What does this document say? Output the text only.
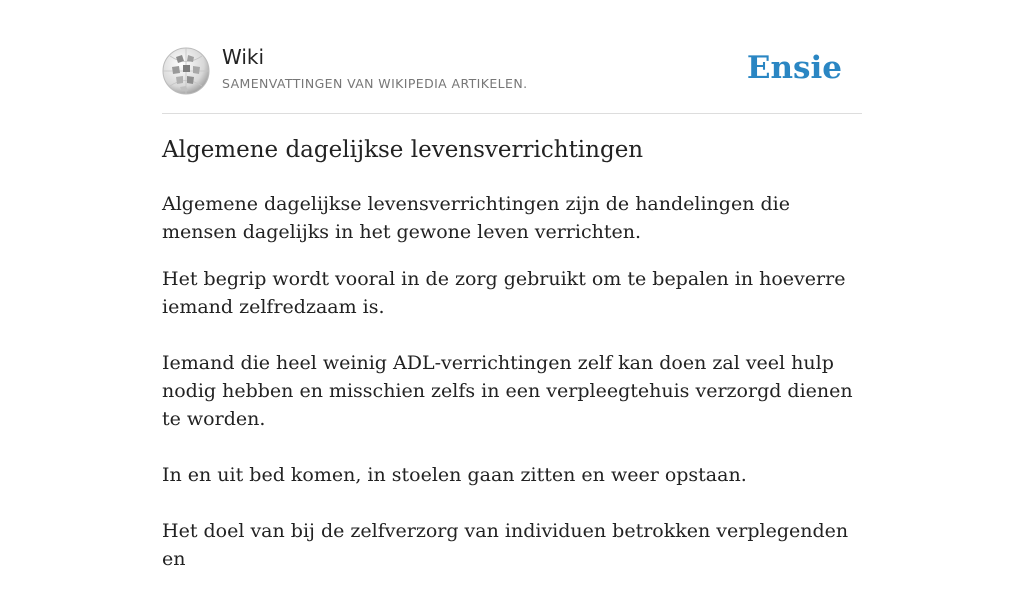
Wiki
SAMENVATTINGEN VAN WIKIPEDIA ARTIKELEN.	Ensie
Algemene dagelijkse levensverrichtingen

Algemene dagelijkse levensverrichtingen zijn de handelingen die mensen dagelijks in het gewone leven verrichten.

Het begrip wordt vooral in de zorg gebruikt om te bepalen in hoeverre iemand zelfredzaam is.

Iemand die heel weinig ADL-verrichtingen zelf kan doen zal veel hulp nodig hebben en misschien zelfs in een verpleegtehuis verzorgd dienen te worden.

In en uit bed komen, in stoelen gaan zitten en weer opstaan.

Het doel van bij de zelfverzorg van individuen betrokken verplegenden en
